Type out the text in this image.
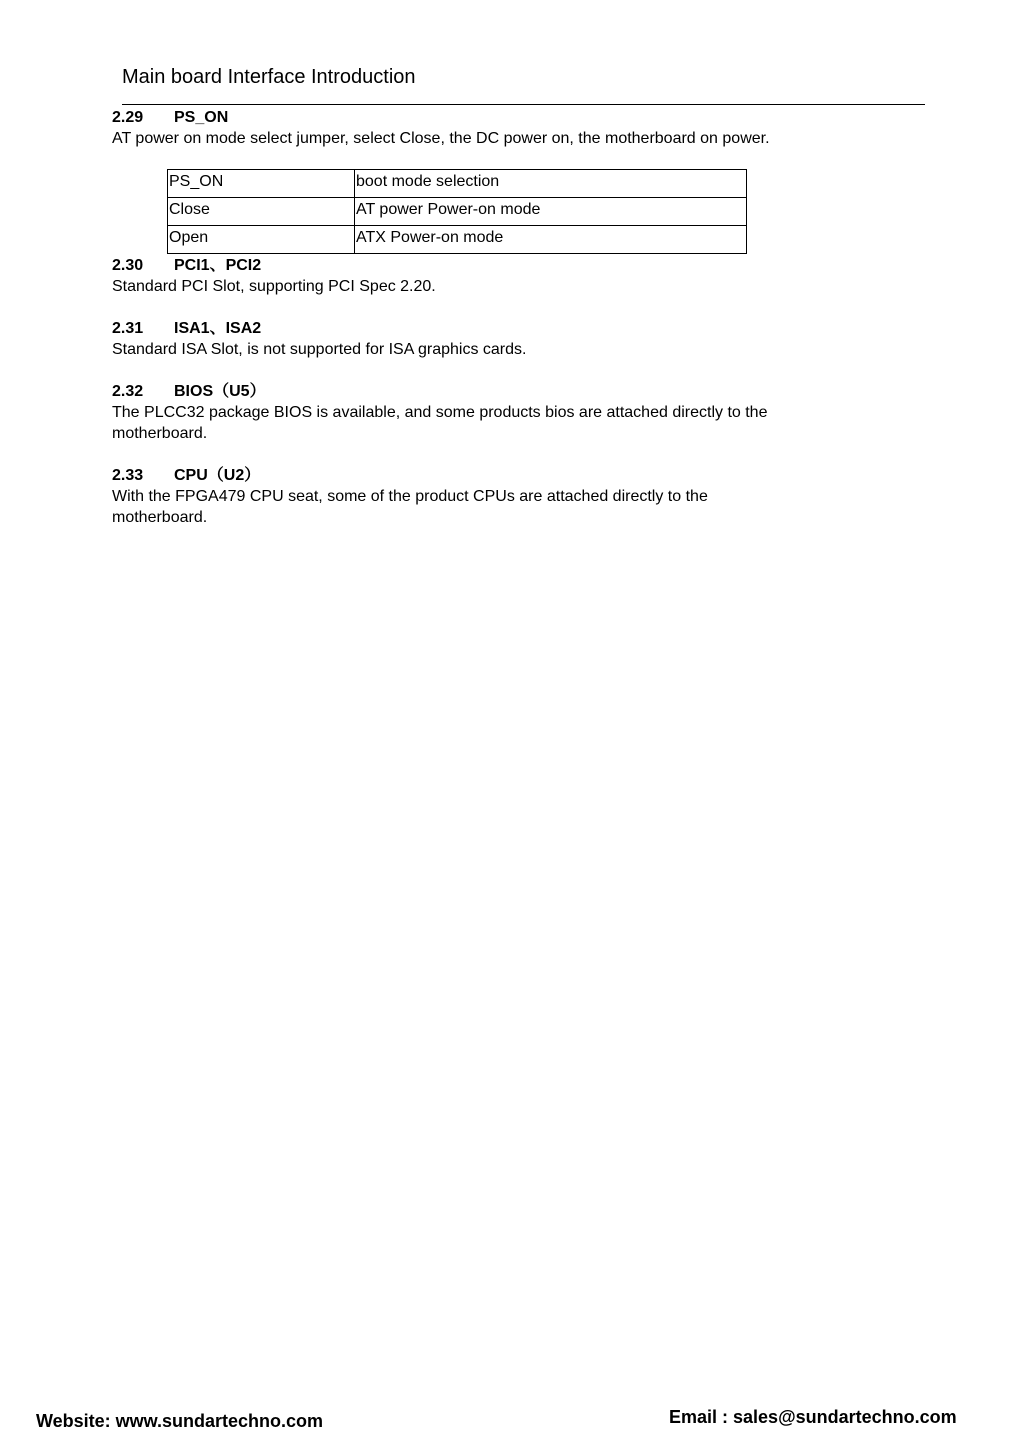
Main board Interface Introduction
2.29	PS_ON

AT power on mode select jumper, select Close, the DC power on, the motherboard on power.

PS_ON	boot mode selection
Close	AT power Power-on mode
Open	ATX Power-on mode
2.30	PCI1、PCI2

Standard PCI Slot, supporting PCI Spec 2.20.

2.31	ISA1、ISA2

Standard ISA Slot, is not supported for ISA graphics cards.

2.32	BIOS（U5）

The PLCC32 package BIOS is available, and some products bios are attached directly to the

motherboard.

2.33	CPU（U2）

With the FPGA479 CPU seat, some of the product CPUs are attached directly to the

motherboard.

Website: www.sundartechno.com	Email : sales@sundartechno.com
